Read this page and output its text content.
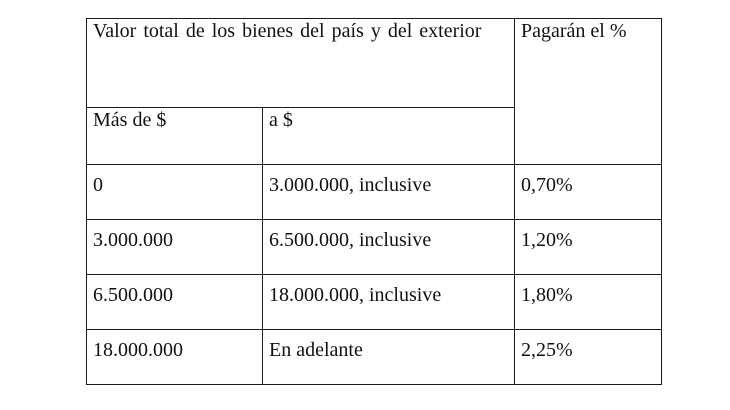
Valor total de los bienes del país y del exterior		Pagarán el %
Más de $	a $	
0	3.000.000, inclusive	0,70%
3.000.000	6.500.000, inclusive	1,20%
6.500.000	18.000.000, inclusive	1,80%
18.000.000	En adelante	2,25%
